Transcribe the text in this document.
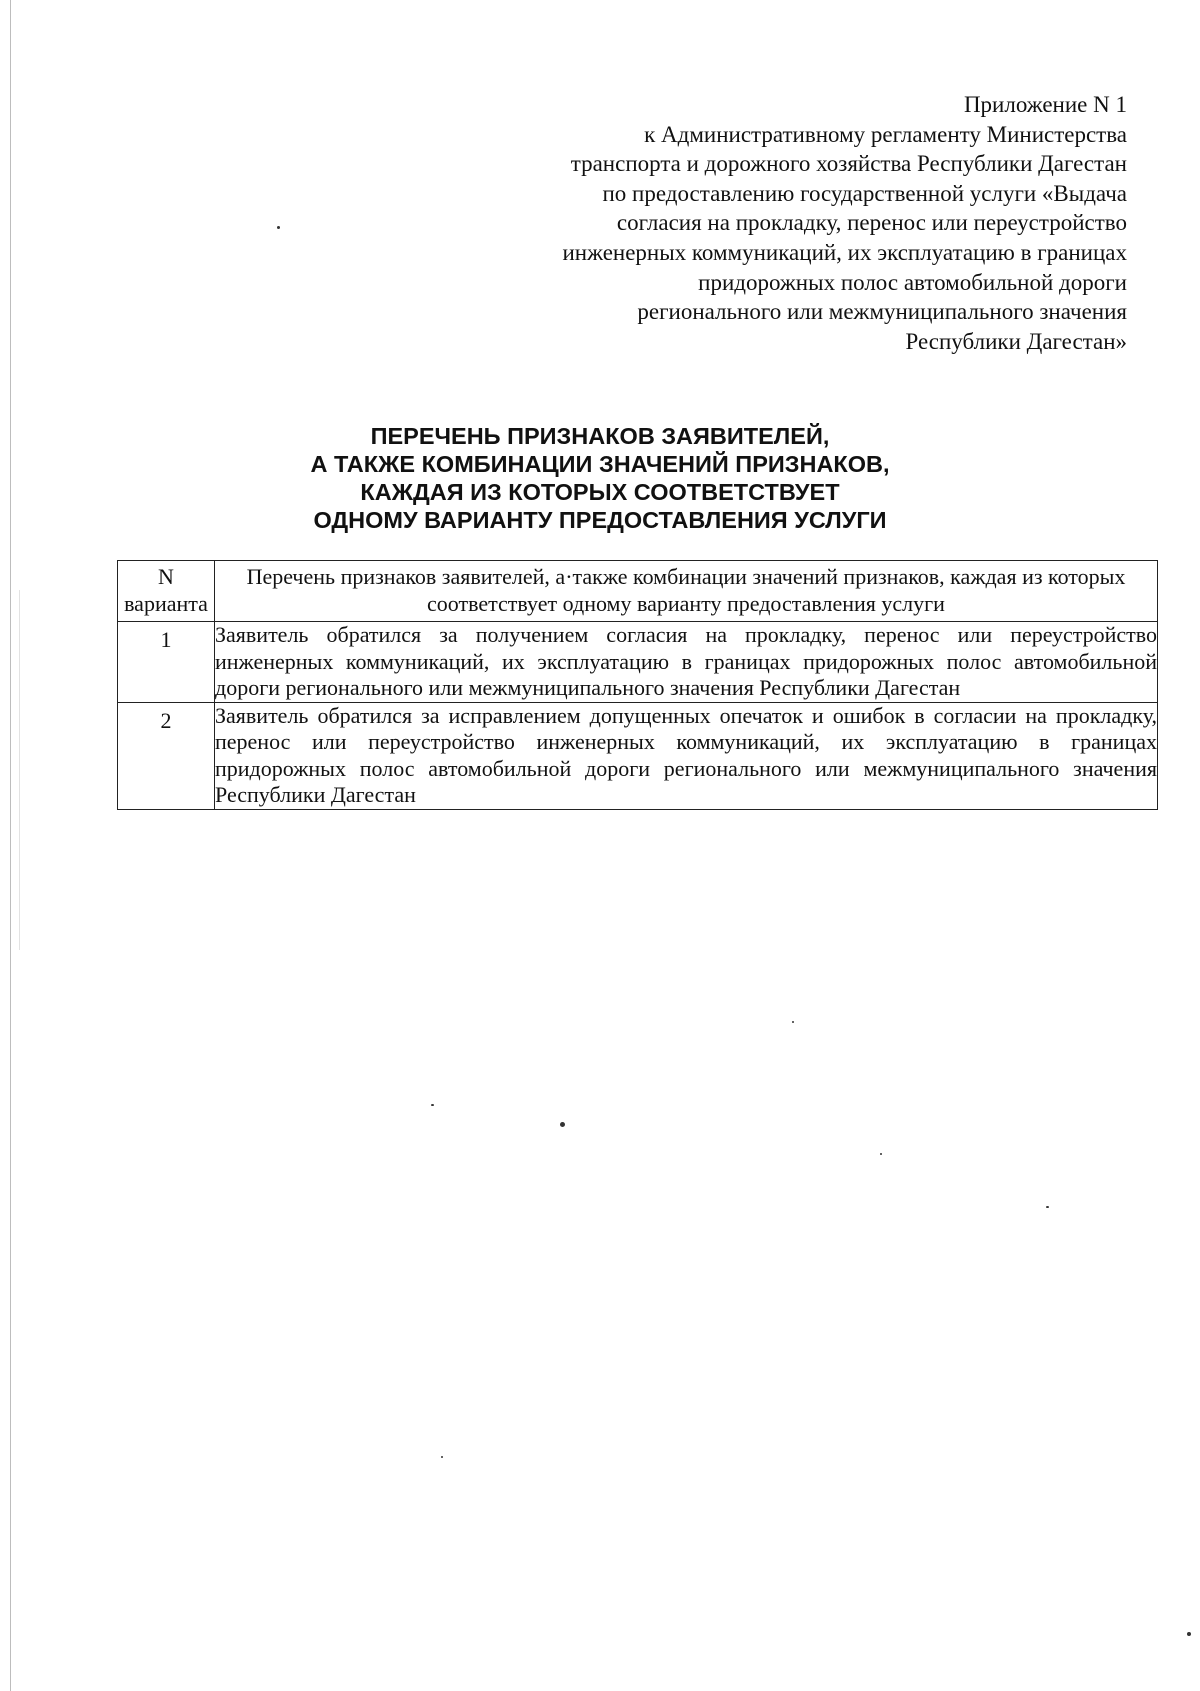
Приложение N 1
к Административному регламенту Министерства
транспорта и дорожного хозяйства Республики Дагестан
по предоставлению государственной услуги «Выдача
согласия на прокладку, перенос или переустройство
инженерных коммуникаций, их эксплуатацию в границах
придорожных полос автомобильной дороги
регионального или межмуниципального значения
Республики Дагестан»
ПЕРЕЧЕНЬ ПРИЗНАКОВ ЗАЯВИТЕЛЕЙ,
А ТАКЖЕ КОМБИНАЦИИ ЗНАЧЕНИЙ ПРИЗНАКОВ,
КАЖДАЯ ИЗ КОТОРЫХ СООТВЕТСТВУЕТ
ОДНОМУ ВАРИАНТУ ПРЕДОСТАВЛЕНИЯ УСЛУГИ
N варианта	Перечень признаков заявителей, а·также комбинации значений признаков, каждая из которых соответствует одному варианту предоставления услуги
1	Заявитель обратился за получением согласия на прокладку, перенос или переустройство инженерных коммуникаций, их эксплуатацию в границах придорожных полос автомобильной дороги регионального или межмуниципального значения Республики Дагестан
2	Заявитель обратился за исправлением допущенных опечаток и ошибок в согласии на прокладку, перенос или переустройство инженерных коммуникаций, их эксплуатацию в границах придорожных полос автомобильной дороги регионального или межмуниципального значения Республики Дагестан
